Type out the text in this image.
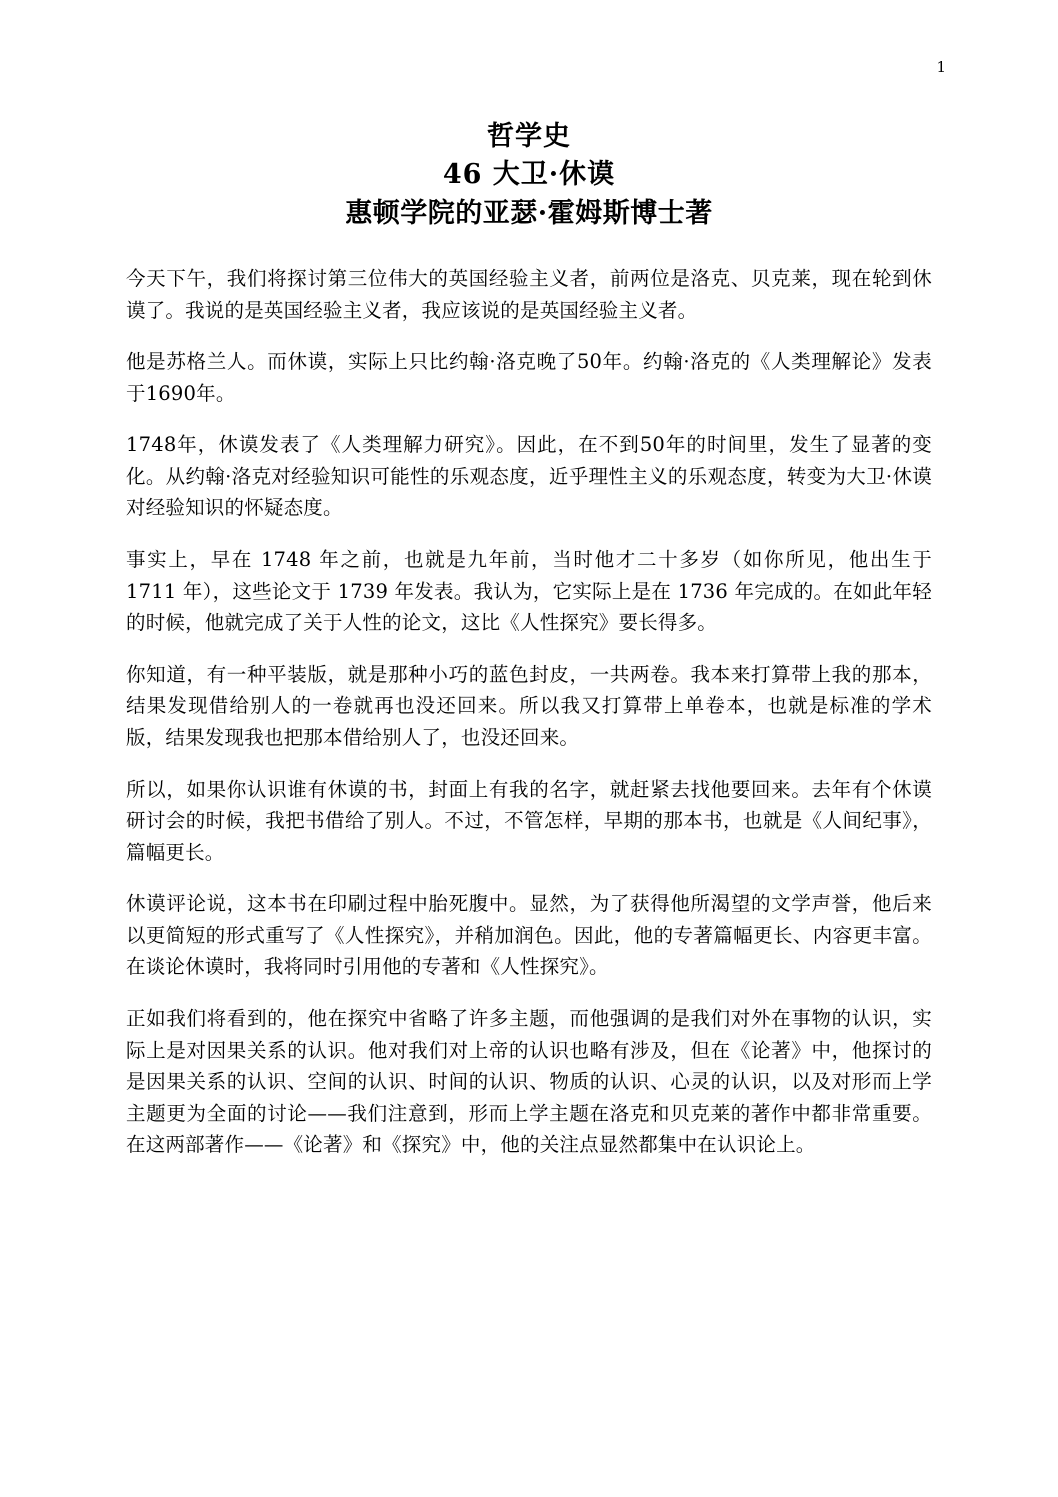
1
哲学史
46 大卫·休谟
惠顿学院的亚瑟·霍姆斯博士著

今天下午，我们将探讨第三位伟大的英国经验主义者，前两位是洛克、贝克莱，现在轮到休谟了。我说的是英国经验主义者，我应该说的是英国经验主义者。

他是苏格兰人。而休谟，实际上只比约翰·洛克晚了50年。约翰·洛克的《人类理解论》发表于1690年。

1748年，休谟发表了《人类理解力研究》。因此，在不到50年的时间里，发生了显著的变化。从约翰·洛克对经验知识可能性的乐观态度，近乎理性主义的乐观态度，转变为大卫·休谟对经验知识的怀疑态度。

事实上，早在 1748 年之前，也就是九年前，当时他才二十多岁（如你所见，他出生于 1711 年），这些论文于 1739 年发表。我认为，它实际上是在 1736 年完成的。在如此年轻的时候，他就完成了关于人性的论文，这比《人性探究》要长得多。

你知道，有一种平装版，就是那种小巧的蓝色封皮，一共两卷。我本来打算带上我的那本，结果发现借给别人的一卷就再也没还回来。所以我又打算带上单卷本，也就是标准的学术版，结果发现我也把那本借给别人了，也没还回来。

所以，如果你认识谁有休谟的书，封面上有我的名字，就赶紧去找他要回来。去年有个休谟研讨会的时候，我把书借给了别人。不过，不管怎样，早期的那本书，也就是《人间纪事》，篇幅更长。

休谟评论说，这本书在印刷过程中胎死腹中。显然，为了获得他所渴望的文学声誉，他后来以更简短的形式重写了《人性探究》，并稍加润色。因此，他的专著篇幅更长、内容更丰富。在谈论休谟时，我将同时引用他的专著和《人性探究》。

正如我们将看到的，他在探究中省略了许多主题，而他强调的是我们对外在事物的认识，实际上是对因果关系的认识。他对我们对上帝的认识也略有涉及，但在《论著》中，他探讨的是因果关系的认识、空间的认识、时间的认识、物质的认识、心灵的认识，以及对形而上学主题更为全面的讨论——我们注意到，形而上学主题在洛克和贝克莱的著作中都非常重要。在这两部著作——《论著》和《探究》中，他的关注点显然都集中在认识论上。
